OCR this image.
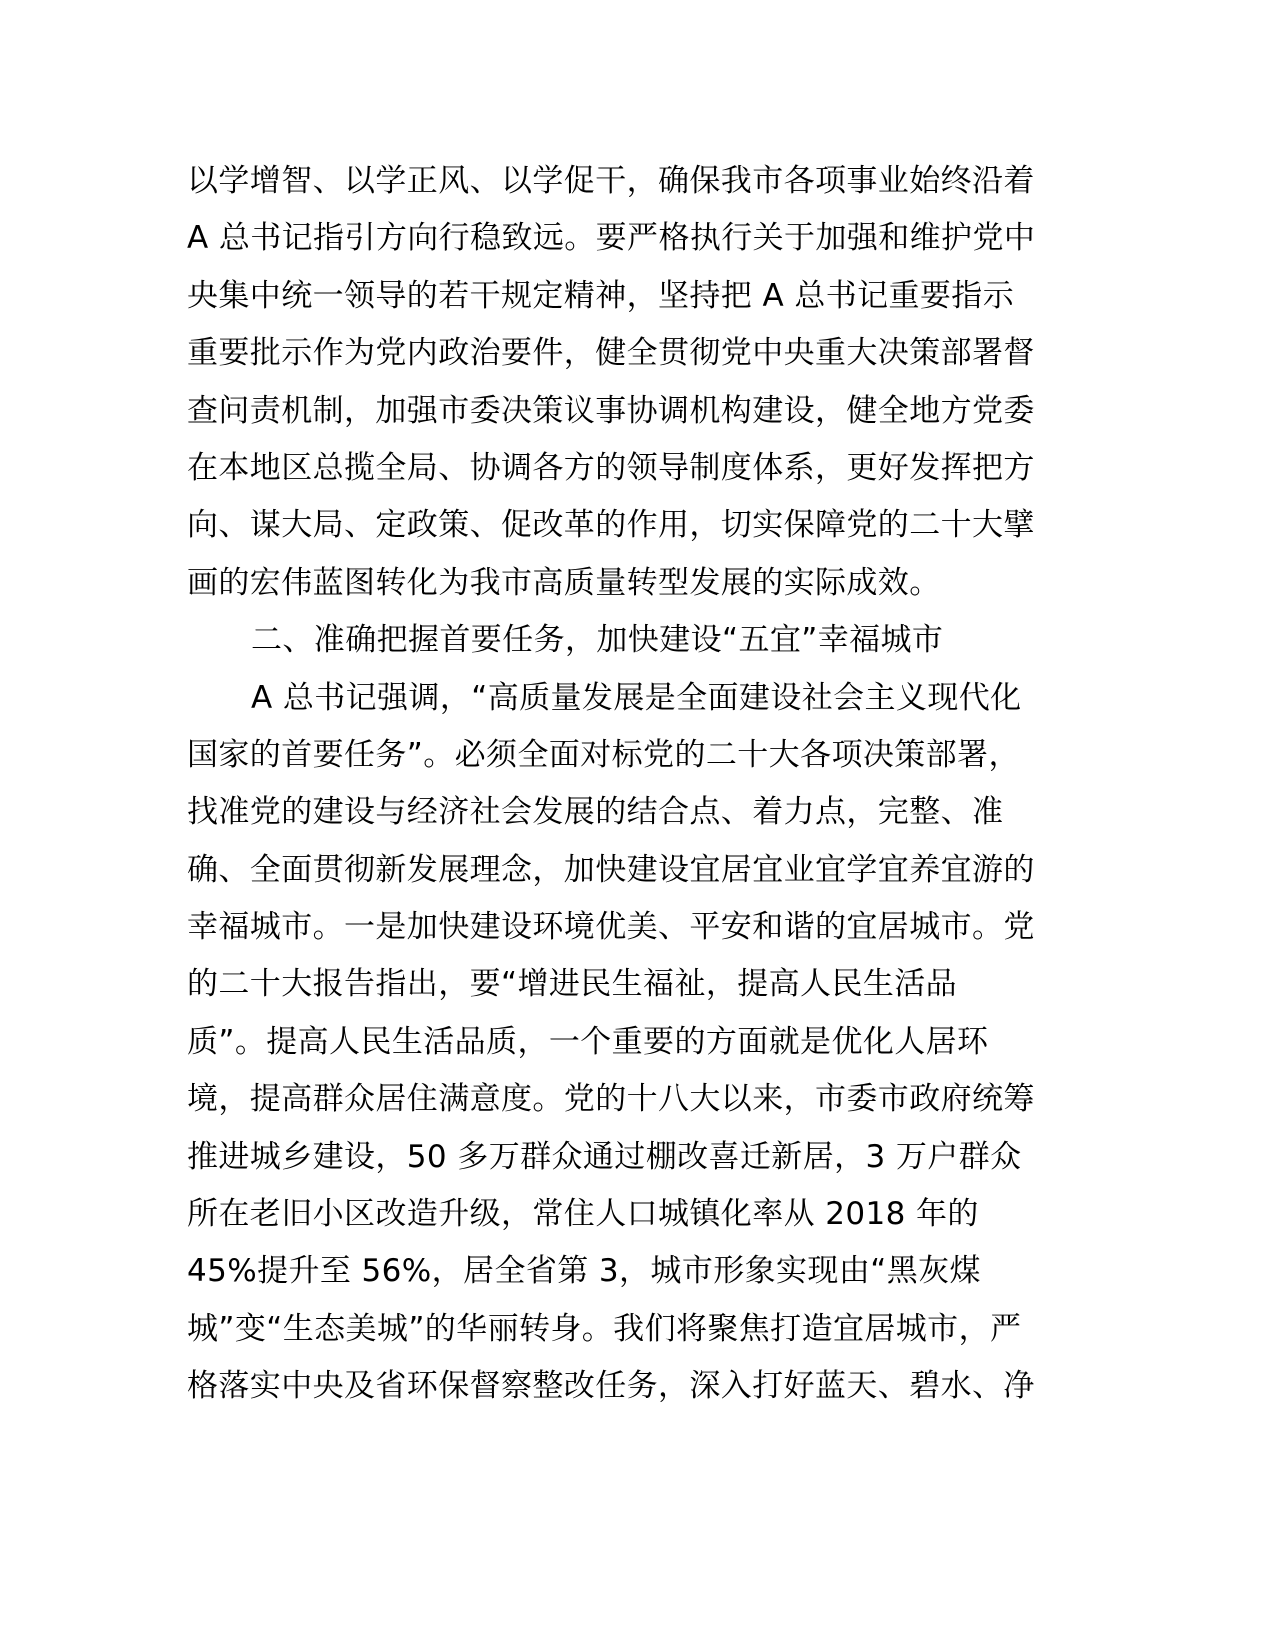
以学增智、以学正风、以学促干，确保我市各项事业始终沿着
A 总书记指引方向行稳致远。要严格执行关于加强和维护党中
央集中统一领导的若干规定精神，坚持把 A 总书记重要指示
重要批示作为党内政治要件，健全贯彻党中央重大决策部署督
查问责机制，加强市委决策议事协调机构建设，健全地方党委
在本地区总揽全局、协调各方的领导制度体系，更好发挥把方
向、谋大局、定政策、促改革的作用，切实保障党的二十大擘
画的宏伟蓝图转化为我市高质量转型发展的实际成效。
二、准确把握首要任务，加快建设“五宜”幸福城市
A 总书记强调，“高质量发展是全面建设社会主义现代化
国家的首要任务”。必须全面对标党的二十大各项决策部署，
找准党的建设与经济社会发展的结合点、着力点，完整、准
确、全面贯彻新发展理念，加快建设宜居宜业宜学宜养宜游的
幸福城市。一是加快建设环境优美、平安和谐的宜居城市。党
的二十大报告指出，要“增进民生福祉，提高人民生活品
质”。提高人民生活品质，一个重要的方面就是优化人居环
境，提高群众居住满意度。党的十八大以来，市委市政府统筹
推进城乡建设，50 多万群众通过棚改喜迁新居，3 万户群众
所在老旧小区改造升级，常住人口城镇化率从 2018 年的
45%提升至 56%，居全省第 3，城市形象实现由“黑灰煤
城”变“生态美城”的华丽转身。我们将聚焦打造宜居城市，严
格落实中央及省环保督察整改任务，深入打好蓝天、碧水、净
